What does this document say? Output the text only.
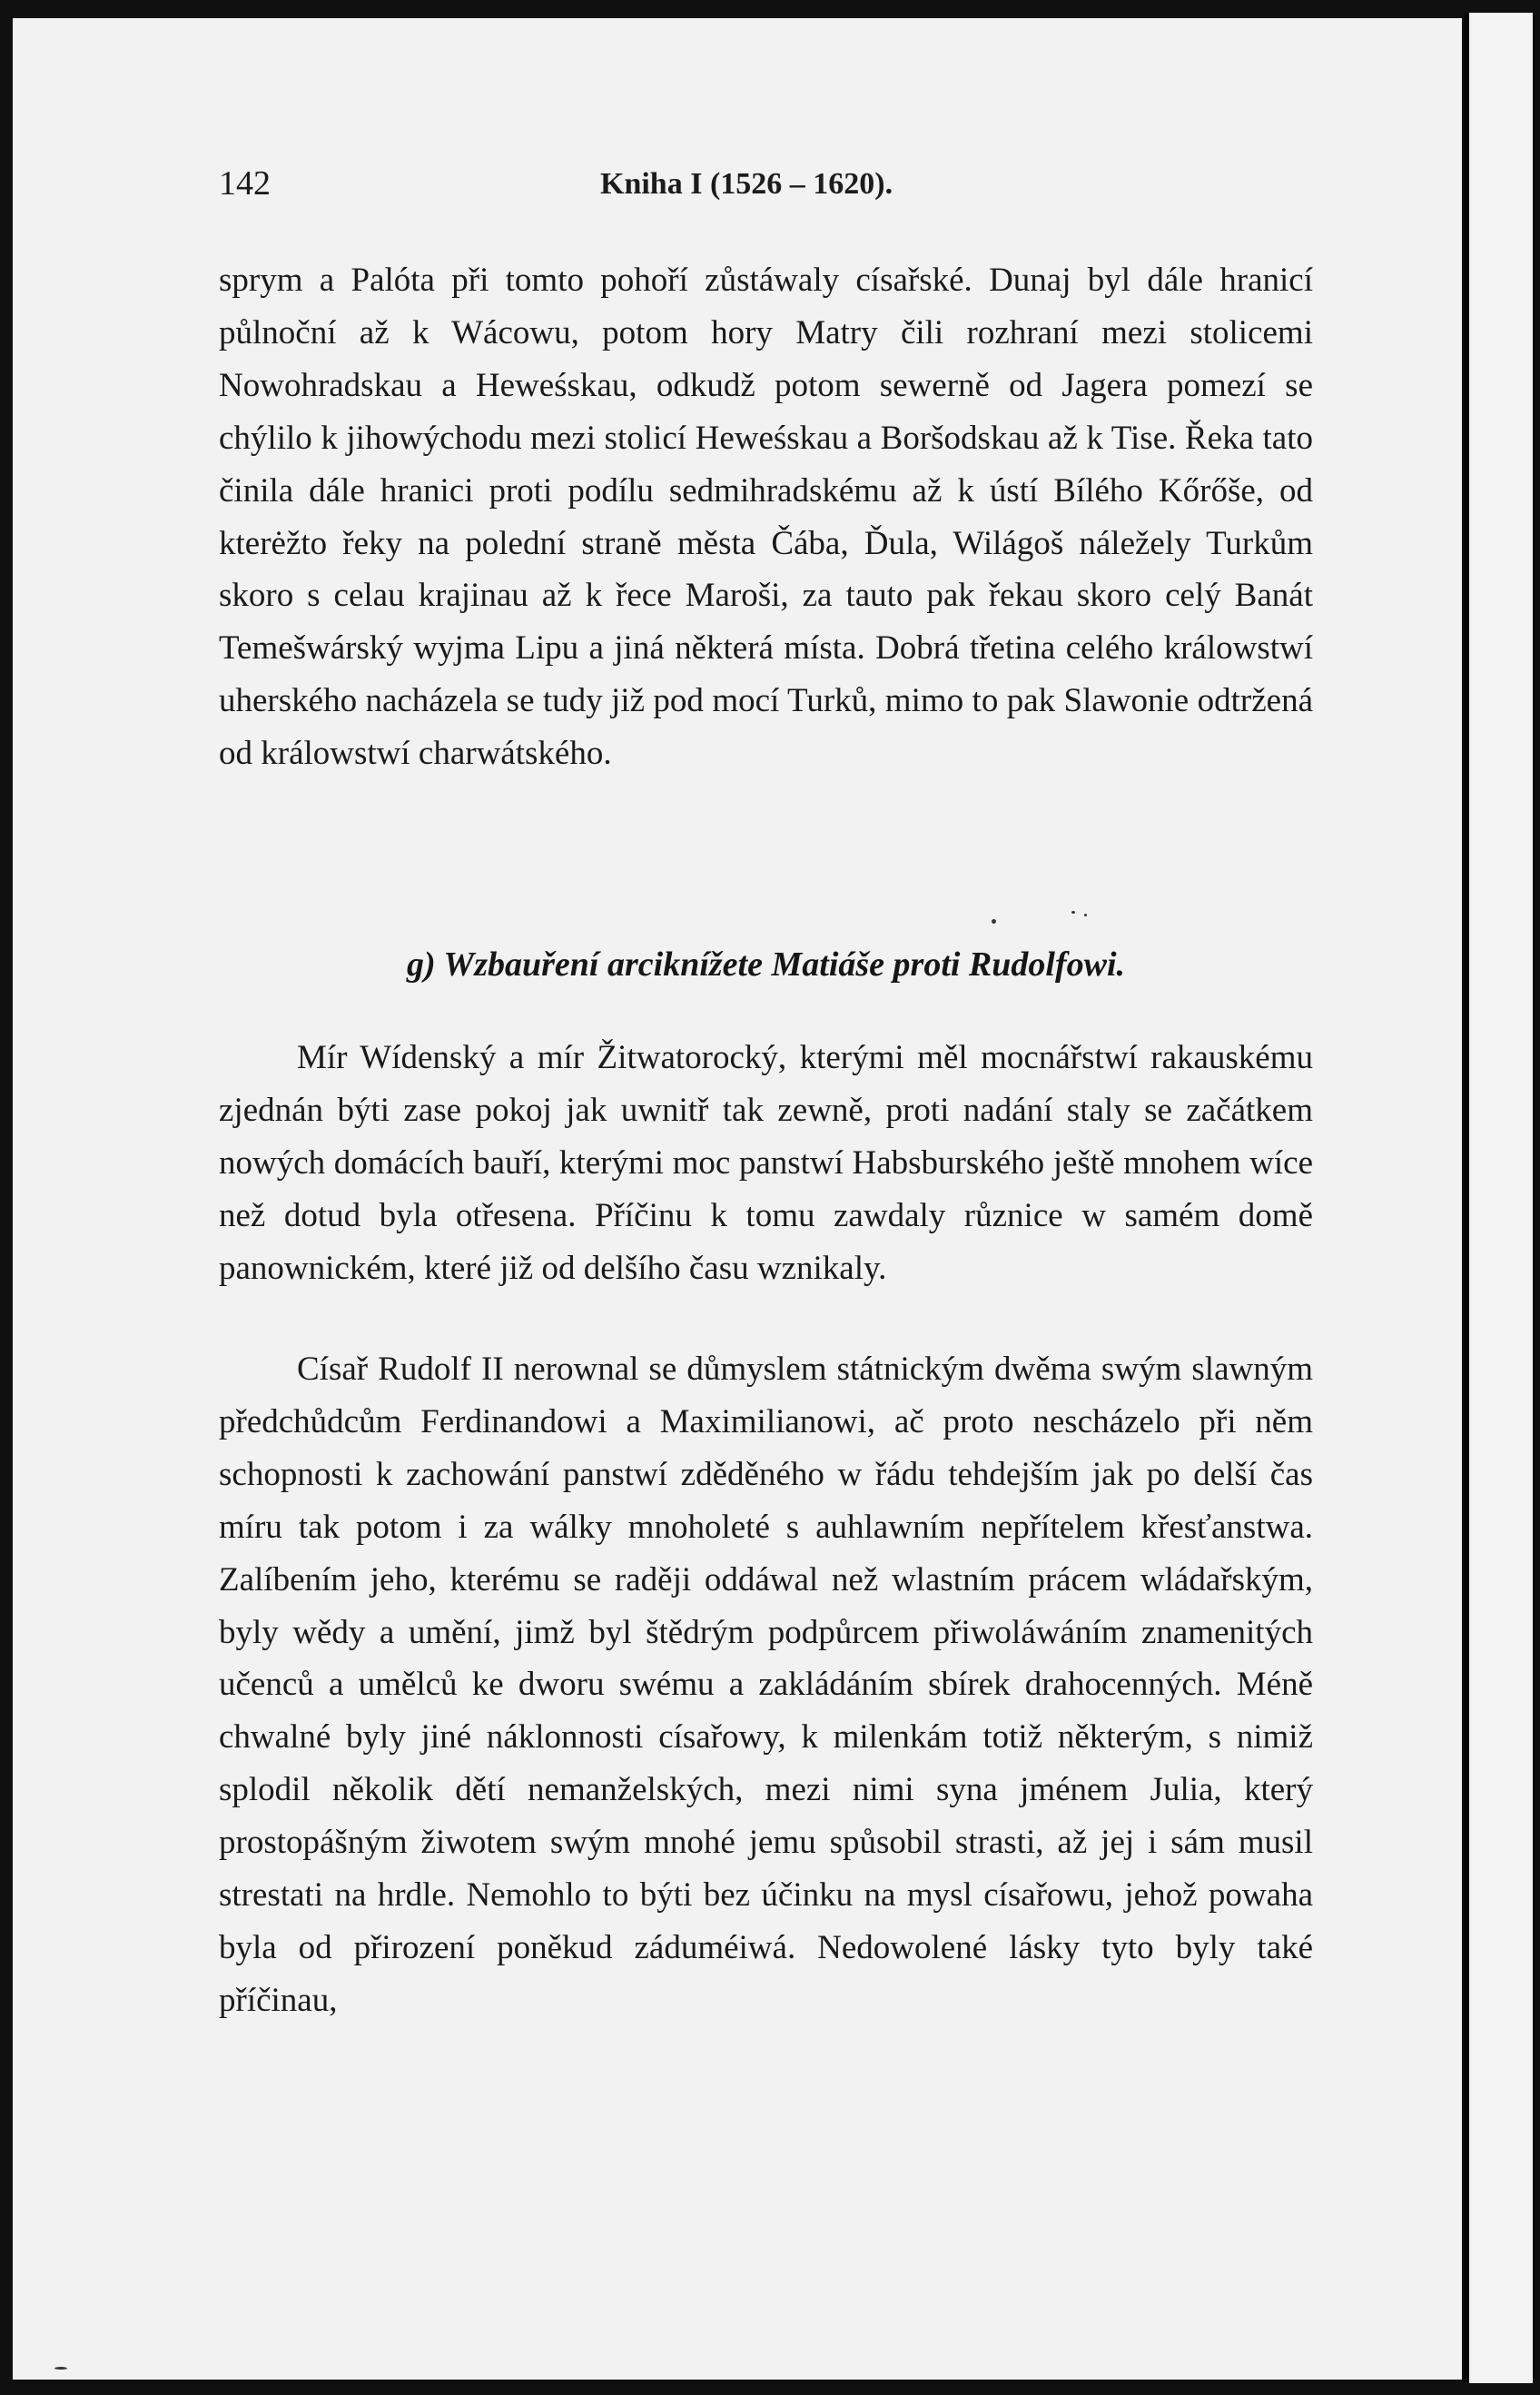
142	Kniha I (1526 – 1620).

sprym a Palóta při tomto pohoří zůstáwaly císařské. Dunaj byl dále hranicí půlnoční až k Wácowu, potom hory Matry čili rozhraní mezi stolicemi Nowohradskau a Heweśskau, odkudž potom sewerně od Jagera pomezí se chýlilo k jihowýchodu mezi stolicí Heweśskau a Boršodskau až k Tise. Řeka tato činila dále hranici proti podílu sedmihradskému až k ústí Bílého Kőrőše, od kterėžto řeky na polední straně města Čába, Ďula, Wilágoš náležely Turkům skoro s celau krajinau až k řece Maroši, za tauto pak řekau skoro celý Banát Temešwárský wyjma Lipu a jiná některá místa. Dobrá třetina celého králowstwí uherského nacházela se tudy již pod mocí Turků, mimo to pak Slawonie odtržená od králowstwí charwátského.

g) Wzbauření arciknížete Matiáše proti Rudolfowi.

Mír Wídenský a mír Žitwatorocký, kterými měl mocnářstwí rakauskému zjednán býti zase pokoj jak uwnitř tak zewně, proti nadání staly se začátkem nowých domácích bauří, kterými moc panstwí Habsburského ještě mnohem wíce než dotud byla otřesena. Příčinu k tomu zawdaly různice w samém domě panownickém, které již od delšího času wznikaly.

Císař Rudolf II nerownal se důmyslem státnickým dwěma swým slawným předchůdcům Ferdinandowi a Maximilianowi, ač proto nescházelo při něm schopnosti k zachowání panstwí zděděného w řádu tehdejším jak po delší čas míru tak potom i za wálky mnoholeté s auhlawním nepřítelem křesťanstwa. Zalíbením jeho, kterému se raději oddáwal než wlastním prácem wládařským, byly wědy a umění, jimž byl štědrým podpůrcem přiwoláwáním znamenitých učenců a umělců ke dworu swému a zakládáním sbírek drahocenných. Méně chwalné byly jiné náklonnosti císařowy, k milenkám totiž některým, s nimiž splodil několik dětí nemanželských, mezi nimi syna jménem Julia, který prostopášným žiwotem swým mnohé jemu spůsobil strasti, až jej i sám musil strestati na hrdle. Nemohlo to býti bez účinku na mysl císařowu, jehož powaha byla od přirození poněkud záduméiwá. Nedowolené lásky tyto byly také příčinau,
